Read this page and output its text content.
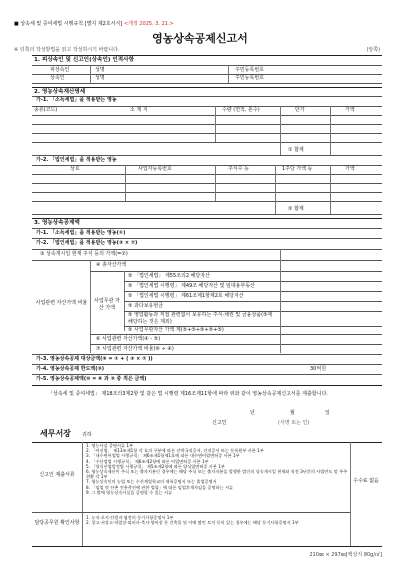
■ 상속세 및 증여세법 시행규칙 [별지 제2호서식] <개정 2025. 3. 21.>
영농상속공제신고서
※ 뒤쪽의 작성방법을 읽고 작성하시기 바랍니다.	(앞쪽)
1. 피상속인 및 신고인(상속인) 인적사항
피상속인	성명	주민등록번호
상속인	성명	주민등록번호
2. 영농상속재산명세
가-1. 「소득세법」을 적용받는 영농
종류(코드)	소 재 지	수량 (면적, 톤수)	단가	가액
① 합계
가-2. 「법인세법」을 적용받는 영농
상호	사업자등록번호	주식수 등	1주당 가액 등	가액
② 합계
3. 영농상속공제액
가-1. 「소득세법」을 적용받는 영농(①)
가-2. 「법인세법」을 적용받는 영농(③ × ⑦)
③ 상속개시일 현재 주식 등의 가액(=②)
사업관련 자산가액 비율
④ 총자산가액
사업무관 자산 가액
⑤ 「법인세법」 제55조의2 해당자산
⑤ 「법인세법 시행령」 제49조 해당자산 및 임대용부동산
⑤ 「법인세법 시행령」 제61조제1항제2호 해당자산
⑤ 과다보유현금
⑤ 영업활동과 직접 관련없이 보유하는 주식·채권 및 금융상품(⑤에 해당하는 것은 제외)
⑤ 사업무관자산 가액 계(⑤+⑤+⑤+⑤+⑤)
⑥ 사업관련 자산가액(④ - ⑤)
⑦ 사업관련 자산가액 비율(⑥ ÷ ④)
가-3. 영농상속공제 대상금액(⑧ = ① + ( ③ × ⑦ ))
가-4. 영농상속공제 한도액(⑨)	30억원
가-5. 영농상속공제액(⑩ = ⑧ 과 ⑨ 중 적은 금액)
「상속세 및 증여세법」 제18조의3제2항 및 같은 법 시행령 제16조제11항에 따라 위와 같이 영농상속공제신고서를 제출합니다.
년	월	일
신고인	(서명 또는 인)
세무서장 귀하
신고인 제출서류
수수료 없음
1. 영농사실 증명서류 1부
2. 「어선법」 제13조제1항 각 호의 구분에 따른 선박국적증서, 선적증서 또는 등록원부 사본 1부
3. 「내수면어업법 시행규칙」 제6조제1항제1호에 따른 내수면어업면허증 사본 1부
4. 「수산업법 시행규칙」 제6조제2항에 따른 어업면허증 사본 1부
5. 「양식산업발전법 시행규칙」 제5조제2항에 따른 양식업면허증 사본 1부
6. 영농상속재산이 주식 또는 출자지분인 경우에는 해당 주식 또는 출자지분을 발행한 법인의 상속개시일 현재와 직전 3년간의 사업연도 말 주주현황 각 1부
7. 영농상속인의 농업 또는 수산계열학교의 재학증명서 또는 졸업증명서
8. 「임업 및 산촌 진흥촉진에 관한 법률」에 따른 임업후계자임을 증명하는 서류
9. 그 밖에 영농상속사실을 증명할 수 있는 서류
담당공무원 확인사항
1. 농지·초지·산림지·염전의 등기사항증명서 1부
2. 창고·저장고·작업장·퇴비사·축사·양어장 등 건축물 및 이에 딸린 토지 등의 있는 경우에는 해당 등기사항증명서 1부
210㎜ × 297㎜[백상지 80g/㎡]
